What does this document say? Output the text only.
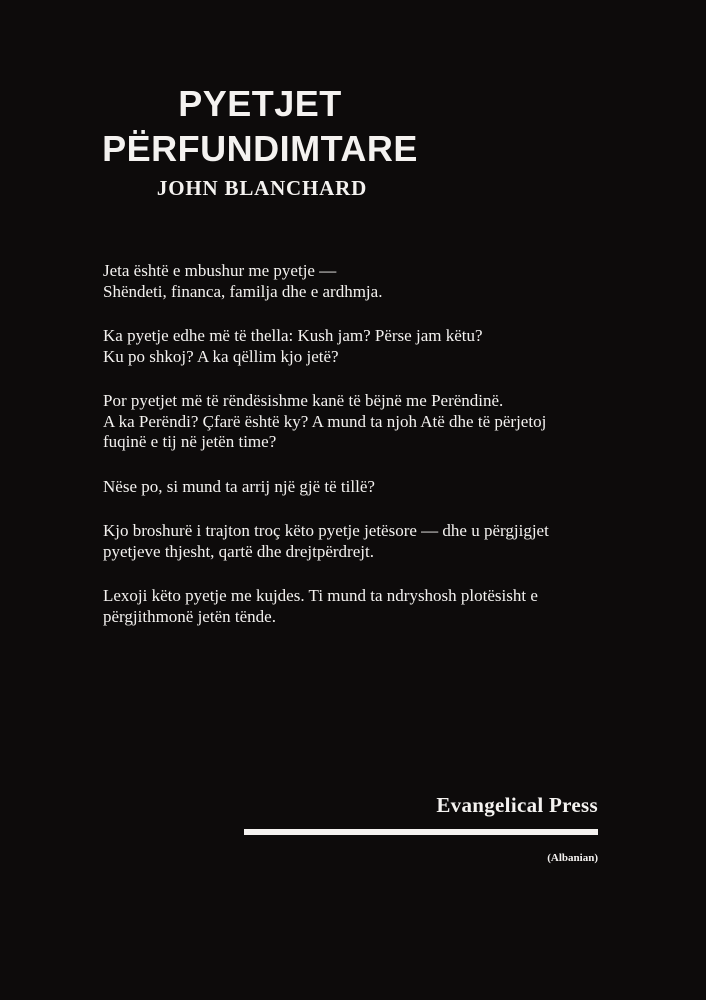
PYETJET
PËRFUNDIMTARE
JOHN BLANCHARD

Jeta është e mbushur me pyetje —
Shëndeti, financa, familja dhe e ardhmja.

Ka pyetje edhe më të thella: Kush jam? Përse jam këtu?
Ku po shkoj? A ka qëllim kjo jetë?

Por pyetjet më të rëndësishme kanë të bëjnë me Perëndinë.
A ka Perëndi? Çfarë është ky? A mund ta njoh Atë dhe të përjetoj
fuqinë e tij në jetën time?

Nëse po, si mund ta arrij një gjë të tillë?

Kjo broshurë i trajton troç këto pyetje jetësore — dhe u përgjigjet
pyetjeve thjesht, qartë dhe drejtpërdrejt.

Lexoji këto pyetje me kujdes. Ti mund ta ndryshosh plotësisht e
përgjithmonë jetën tënde.

Evangelical Press
(Albanian)
